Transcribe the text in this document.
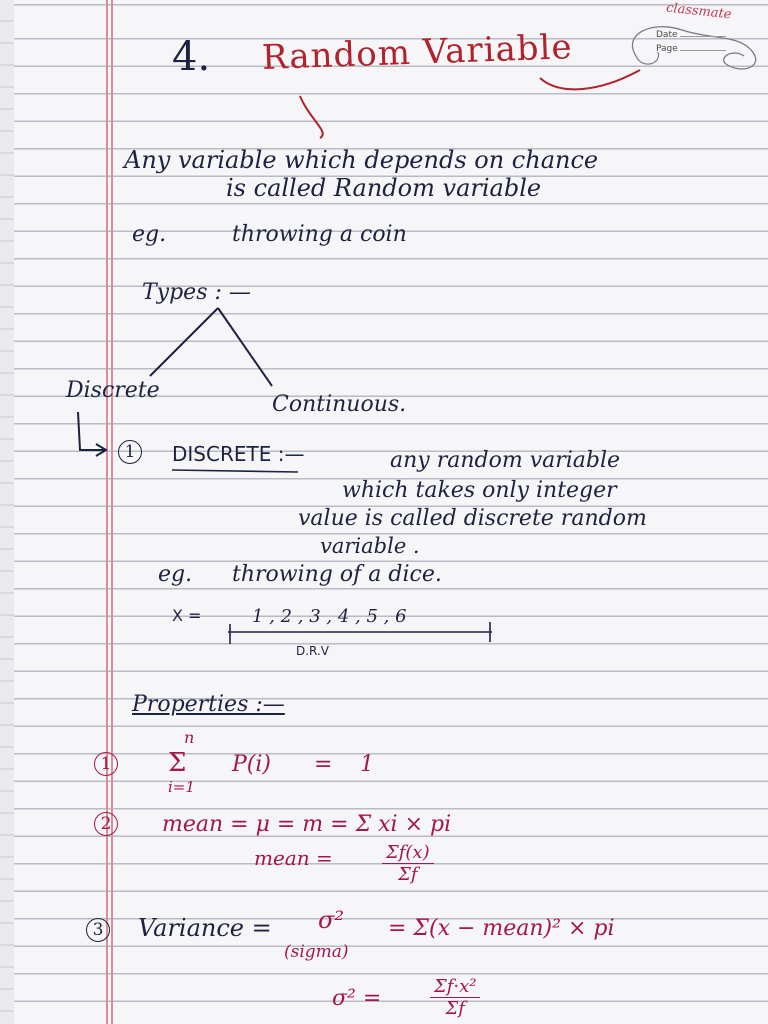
classmate
Date
Page
4. Random Variable
Any variable which depends on chance
is called Random variable
eg.	throwing a coin
Types : —
Discrete
Continuous.
1	DISCRETE :—	any random variable
which takes only integer
value is called discrete random
variable .
eg. throwing of a dice.
X =	1 , 2 , 3 , 4 , 5 , 6
D.R.V
Properties :—
1
n
Σ
i=1
P(i) = 1
2 mean = μ = m = Σ xi × pi
mean =	$\frac{\Sigma f(x)}{\Sigma f}$
3 Variance = σ²
(sigma)
= Σ(x − mean)² × pi
σ² =	$\frac{\text{Σf·x²}}{\Sigma f}$
